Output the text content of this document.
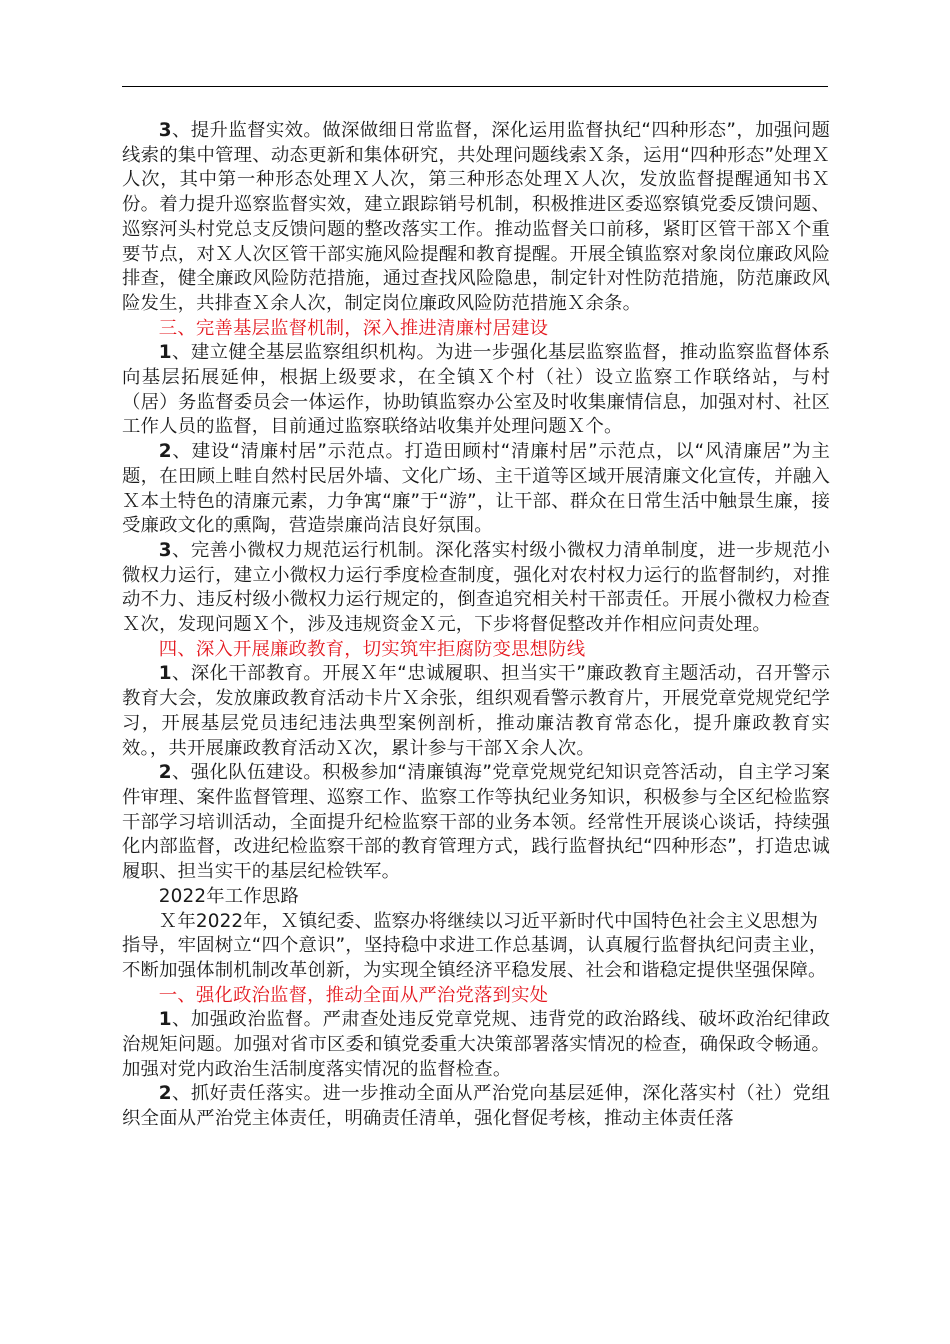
3、提升监督实效。做深做细日常监督，深化运用监督执纪“四种形态”，加强问题线索的集中管理、动态更新和集体研究，共处理问题线索Ｘ条，运用“四种形态”处理Ｘ人次，其中第一种形态处理Ｘ人次，第三种形态处理Ｘ人次，发放监督提醒通知书Ｘ份。着力提升巡察监督实效，建立跟踪销号机制，积极推进区委巡察镇党委反馈问题、巡察河头村党总支反馈问题的整改落实工作。推动监督关口前移，紧盯区管干部Ｘ个重要节点，对Ｘ人次区管干部实施风险提醒和教育提醒。开展全镇监察对象岗位廉政风险排查，健全廉政风险防范措施，通过查找风险隐患，制定针对性防范措施，防范廉政风险发生，共排查Ｘ余人次，制定岗位廉政风险防范措施Ｘ余条。

三、完善基层监督机制，深入推进清廉村居建设

1、建立健全基层监察组织机构。为进一步强化基层监察监督，推动监察监督体系向基层拓展延伸，根据上级要求，在全镇Ｘ个村（社）设立监察工作联络站，与村（居）务监督委员会一体运作，协助镇监察办公室及时收集廉情信息，加强对村、社区工作人员的监督，目前通过监察联络站收集并处理问题Ｘ个。

2、建设“清廉村居”示范点。打造田顾村“清廉村居”示范点，以“风清廉居”为主题，在田顾上畦自然村民居外墙、文化广场、主干道等区域开展清廉文化宣传，并融入Ｘ本土特色的清廉元素，力争寓“廉”于“游”，让干部、群众在日常生活中触景生廉，接受廉政文化的熏陶，营造崇廉尚洁良好氛围。

3、完善小微权力规范运行机制。深化落实村级小微权力清单制度，进一步规范小微权力运行，建立小微权力运行季度检查制度，强化对农村权力运行的监督制约，对推动不力、违反村级小微权力运行规定的，倒查追究相关村干部责任。开展小微权力检查Ｘ次，发现问题Ｘ个，涉及违规资金Ｘ元，下步将督促整改并作相应问责处理。

四、深入开展廉政教育，切实筑牢拒腐防变思想防线

1、深化干部教育。开展Ｘ年“忠诚履职、担当实干”廉政教育主题活动，召开警示教育大会，发放廉政教育活动卡片Ｘ余张，组织观看警示教育片，开展党章党规党纪学习，开展基层党员违纪违法典型案例剖析，推动廉洁教育常态化，提升廉政教育实效。，共开展廉政教育活动Ｘ次，累计参与干部Ｘ余人次。

2、强化队伍建设。积极参加“清廉镇海”党章党规党纪知识竞答活动，自主学习案件审理、案件监督管理、巡察工作、监察工作等执纪业务知识，积极参与全区纪检监察干部学习培训活动，全面提升纪检监察干部的业务本领。经常性开展谈心谈话，持续强化内部监督，改进纪检监察干部的教育管理方式，践行监督执纪“四种形态”，打造忠诚履职、担当实干的基层纪检铁军。

2022年工作思路

Ｘ年2022年，Ｘ镇纪委、监察办将继续以习近平新时代中国特色社会主义思想为指导，牢固树立“四个意识”，坚持稳中求进工作总基调，认真履行监督执纪问责主业，不断加强体制机制改革创新，为实现全镇经济平稳发展、社会和谐稳定提供坚强保障。

一、强化政治监督，推动全面从严治党落到实处

1、加强政治监督。严肃查处违反党章党规、违背党的政治路线、破坏政治纪律政治规矩问题。加强对省市区委和镇党委重大决策部署落实情况的检查，确保政令畅通。加强对党内政治生活制度落实情况的监督检查。

2、抓好责任落实。进一步推动全面从严治党向基层延伸，深化落实村（社）党组织全面从严治党主体责任，明确责任清单，强化督促考核，推动主体责任落
